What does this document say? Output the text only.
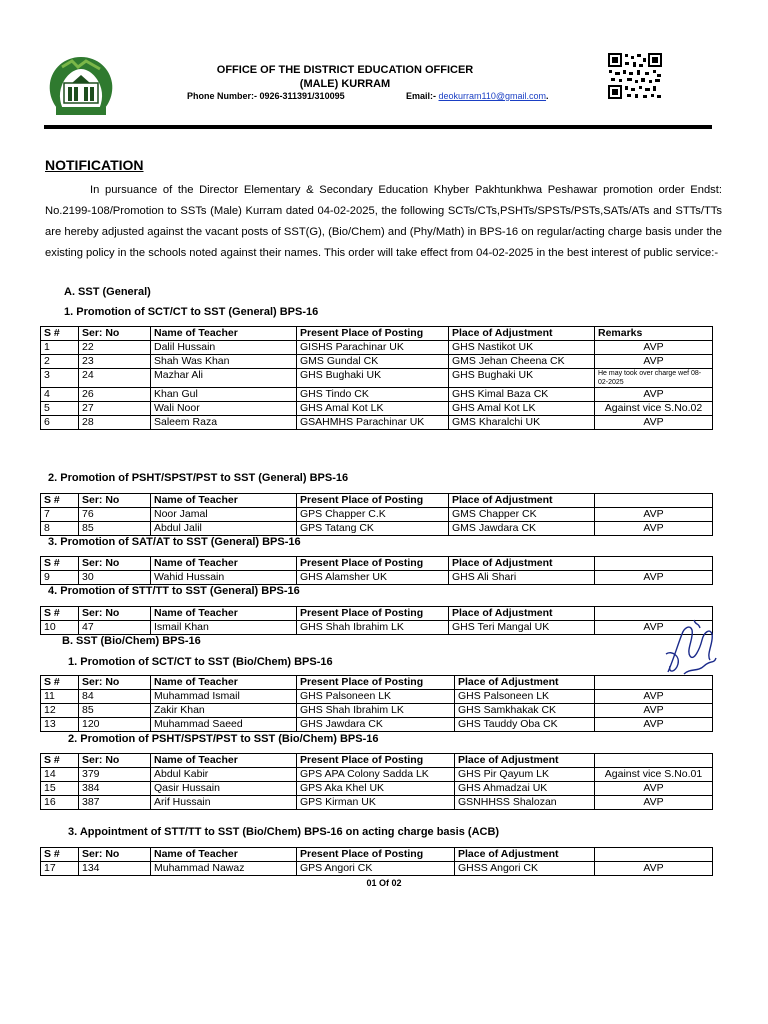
OFFICE OF THE DISTRICT EDUCATION OFFICER
(MALE) KURRAM
Phone Number:- 0926-311391/310095	Email:- deokurram110@gmail.com.
NOTIFICATION

In pursuance of the Director Elementary & Secondary Education Khyber Pakhtunkhwa Peshawar promotion order Endst: No.2199-108/Promotion to SSTs (Male) Kurram dated 04-02-2025, the following SCTs/CTs,PSHTs/SPSTs/PSTs,SATs/ATs and STTs/TTs are hereby adjusted against the vacant posts of SST(G), (Bio/Chem) and (Phy/Math) in BPS-16 on regular/acting charge basis under the existing policy in the schools noted against their names. This order will take effect from 04-02-2025 in the best interest of public service:-

A. SST (General)
1. Promotion of SCT/CT to SST (General) BPS-16
S #	Ser: No	Name of Teacher	Present Place of Posting	Place of Adjustment	Remarks
1	22	Dalil Hussain	GISHS Parachinar UK	GHS Nastikot UK	AVP
2	23	Shah Was Khan	GMS Gundal CK	GMS Jehan Cheena CK	AVP
3	24	Mazhar Ali	GHS Bughaki UK	GHS Bughaki UK	He may took over charge wef 08-02-2025

4	26	Khan Gul	GHS Tindo CK	GHS Kimal Baza CK	AVP
5	27	Wali Noor	GHS Amal Kot LK	GHS Amal Kot LK	Against vice S.No.02
6	28	Saleem Raza	GSAHMHS Parachinar UK	GMS Kharalchi UK	AVP
2. Promotion of PSHT/SPST/PST to SST (General) BPS-16
S #	Ser: No	Name of Teacher	Present Place of Posting	Place of Adjustment	
7	76	Noor Jamal	GPS Chapper C.K	GMS Chapper CK	AVP
8	85	Abdul Jalil	GPS Tatang CK	GMS Jawdara CK	AVP
3. Promotion of SAT/AT to SST (General) BPS-16
S #	Ser: No	Name of Teacher	Present Place of Posting	Place of Adjustment	
9	30	Wahid Hussain	GHS Alamsher UK	GHS Ali Shari	AVP
4. Promotion of STT/TT to SST (General) BPS-16
S #	Ser: No	Name of Teacher	Present Place of Posting	Place of Adjustment	
10	47	Ismail Khan	GHS Shah Ibrahim LK	GHS Teri Mangal UK	AVP
B. SST (Bio/Chem) BPS-16
1. Promotion of SCT/CT to SST (Bio/Chem) BPS-16
S #	Ser: No	Name of Teacher	Present Place of Posting	Place of Adjustment	
11	84	Muhammad Ismail	GHS Palsoneen LK	GHS Palsoneen LK	AVP
12	85	Zakir Khan	GHS Shah Ibrahim LK	GHS Samkhakak CK	AVP
13	120	Muhammad Saeed	GHS Jawdara CK	GHS Tauddy Oba CK	AVP
2. Promotion of PSHT/SPST/PST to SST (Bio/Chem) BPS-16
S #	Ser: No	Name of Teacher	Present Place of Posting	Place of Adjustment	
14	379	Abdul Kabir	GPS APA Colony Sadda LK	GHS Pir Qayum LK	Against vice S.No.01
15	384	Qasir Hussain	GPS Aka Khel UK	GHS Ahmadzai UK	AVP
16	387	Arif Hussain	GPS Kirman UK	GSNHHSS Shalozan	AVP
3. Appointment of STT/TT to SST (Bio/Chem) BPS-16 on acting charge basis (ACB)
S #	Ser: No	Name of Teacher	Present Place of Posting	Place of Adjustment	
17	134	Muhammad Nawaz	GPS Angori CK	GHSS Angori CK	AVP
01 Of 02
